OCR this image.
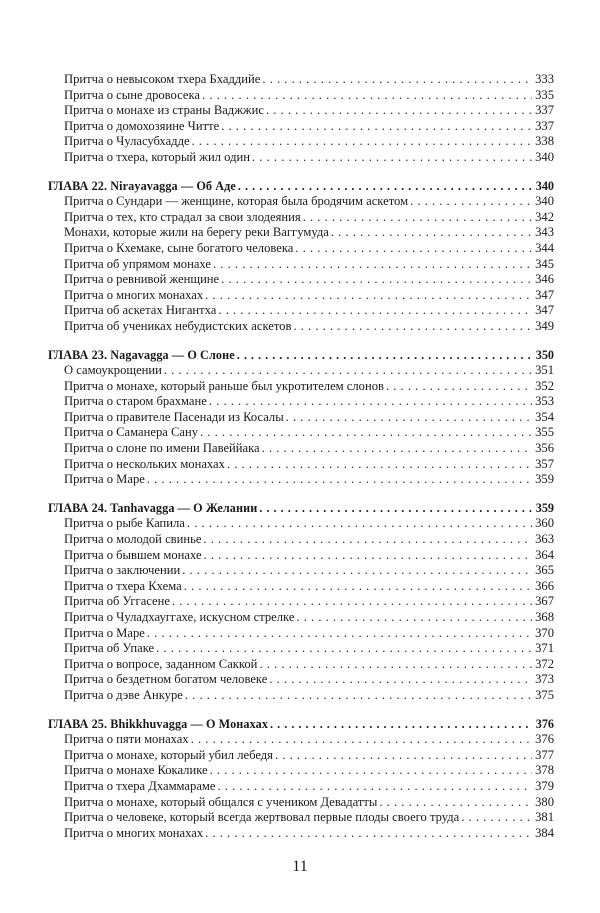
Притча о невысоком тхера Бхаддийе . . .	333
Притча о сыне дровосека . . .	335
Притча о монахе из страны Ваджжис . . .	337
Притча о домохозяине Читте . . .	337
Притча о Чуласубхадде . . .	338
Притча о тхера, который жил один . . .	340
ГЛАВА 22. Nirayavagga — Об Аде . . .	340
Притча о Сундари — женщине, которая была бродячим аскетом . . .	340
Притча о тех, кто страдал за свои злодеяния . . .	342
Монахи, которые жили на берегу реки Ваггумуда . . .	343
Притча о Кхемаке, сыне богатого человека . . .	344
Притча об упрямом монахе . . .	345
Притча о ревнивой женщине . . .	346
Притча о многих монахах . . .	347
Притча об аскетах Нигантха . . .	347
Притча об учениках небудистских аскетов . . .	349
ГЛАВА 23. Nagavagga — О Слоне . . .	350
О самоукрощении . . .	351
Притча о монахе, который раньше был укротителем слонов . . .	352
Притча о старом брахмане . . .	353
Притча о правителе Пасенади из Косалы . . .	354
Притча о Саманера Сану . . .	355
Притча о слоне по имени Павеййака . . .	356
Притча о нескольких монахах . . .	357
Притча о Маре . . .	359
ГЛАВА 24. Tanhavagga — О Желании . . .	359
Притча о рыбе Капила . . .	360
Притча о молодой свинье . . .	363
Притча о бывшем монахе . . .	364
Притча о заключении . . .	365
Притча о тхера Кхема . . .	366
Притча об Уггасене . . .	367
Притча о Чуладхауггахе, искусном стрелке . . .	368
Притча о Маре . . .	370
Притча об Упаке . . .	371
Притча о вопросе, заданном Саккой . . .	372
Притча о бездетном богатом человеке . . .	373
Притча о дэве Анкуре . . .	375
ГЛАВА 25. Bhikkhuvagga — О Монахах . . .	376
Притча о пяти монахах . . .	376
Притча о монахе, который убил лебедя . . .	377
Притча о монахе Кокалике . . .	378
Притча о тхера Дхаммараме . . .	379
Притча о монахе, который общался с учеником Девадатты . . .	380
Притча о человеке, который всегда жертвовал первые плоды своего труда . . .	381
Притча о многих монахах . . .	384
11
